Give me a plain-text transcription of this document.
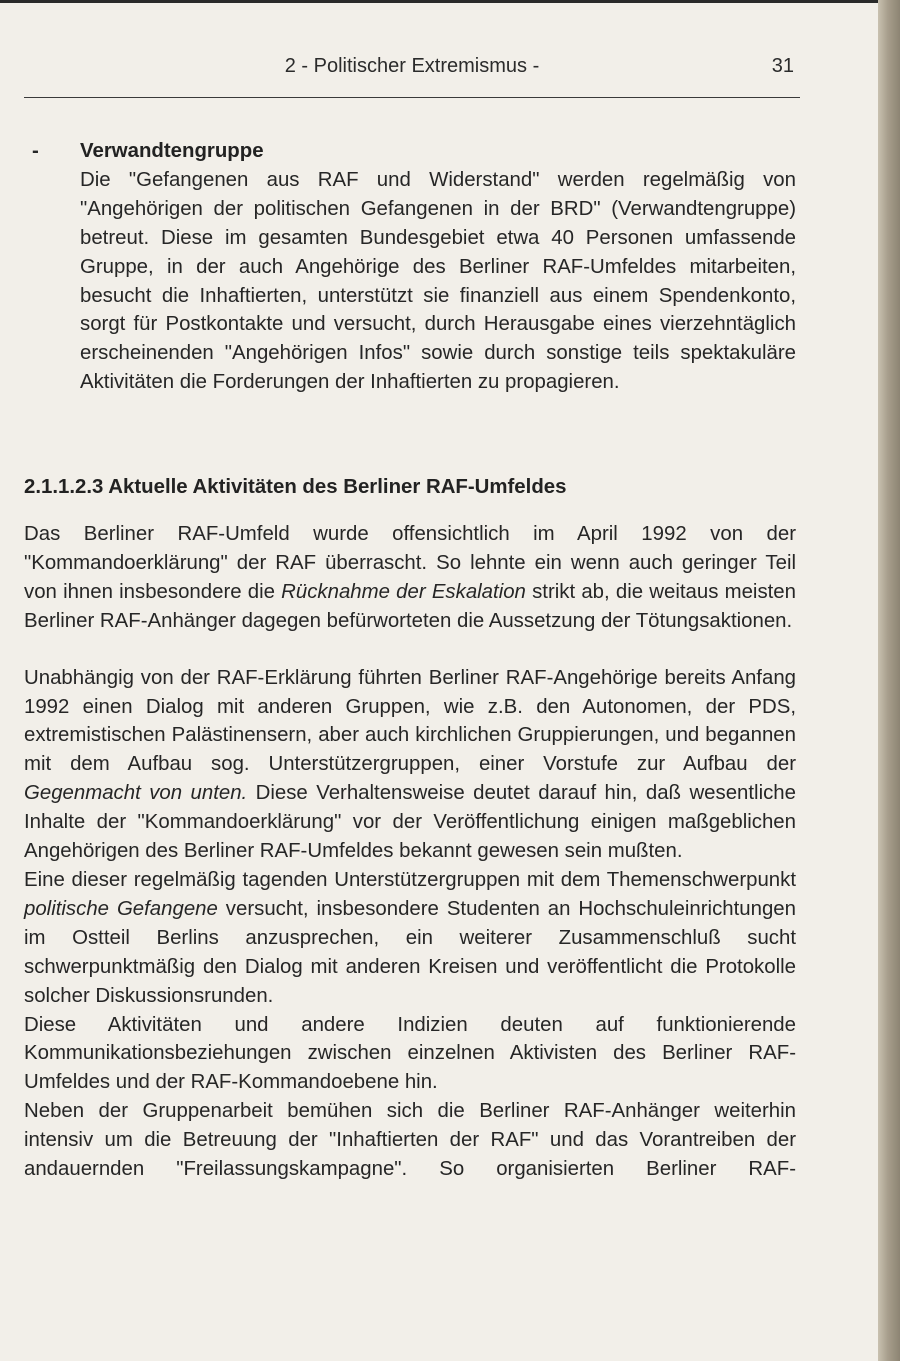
2 - Politischer Extremismus -	31
- Verwandtengruppe

Die "Gefangenen aus RAF und Widerstand" werden regelmäßig von "Angehörigen der politischen Gefangenen in der BRD" (Verwandtengruppe) betreut. Diese im gesamten Bundesgebiet etwa 40 Personen umfassende Gruppe, in der auch Angehörige des Berliner RAF-Umfeldes mitarbeiten, besucht die Inhaftierten, unterstützt sie finanziell aus einem Spendenkonto, sorgt für Postkontakte und versucht, durch Herausgabe eines vierzehntäglich erscheinenden "Angehörigen Infos" sowie durch sonstige teils spektakuläre Aktivitäten die Forderungen der Inhaftierten zu propagieren.

2.1.1.2.3 Aktuelle Aktivitäten des Berliner RAF-Umfeldes

Das Berliner RAF-Umfeld wurde offensichtlich im April 1992 von der "Kommandoerklärung" der RAF überrascht. So lehnte ein wenn auch geringer Teil von ihnen insbesondere die Rücknahme der Eskalation strikt ab, die weitaus meisten Berliner RAF-Anhänger dagegen befürworteten die Aussetzung der Tötungsaktionen.

Unabhängig von der RAF-Erklärung führten Berliner RAF-Angehörige bereits Anfang 1992 einen Dialog mit anderen Gruppen, wie z.B. den Autonomen, der PDS, extremistischen Palästinensern, aber auch kirchlichen Gruppierungen, und begannen mit dem Aufbau sog. Unterstützergruppen, einer Vorstufe zur Aufbau der Gegenmacht von unten. Diese Verhaltensweise deutet darauf hin, daß wesentliche Inhalte der "Kommandoerklärung" vor der Veröffentlichung einigen maßgeblichen Angehörigen des Berliner RAF-Umfeldes bekannt gewesen sein mußten.

Eine dieser regelmäßig tagenden Unterstützergruppen mit dem Themenschwerpunkt politische Gefangene versucht, insbesondere Studenten an Hochschuleinrichtungen im Ostteil Berlins anzusprechen, ein weiterer Zusammenschluß sucht schwerpunktmäßig den Dialog mit anderen Kreisen und veröffentlicht die Protokolle solcher Diskussionsrunden.

Diese Aktivitäten und andere Indizien deuten auf funktionierende Kommunikationsbeziehungen zwischen einzelnen Aktivisten des Berliner RAF-Umfeldes und der RAF-Kommandoebene hin.

Neben der Gruppenarbeit bemühen sich die Berliner RAF-Anhänger weiterhin intensiv um die Betreuung der "Inhaftierten der RAF" und das Vorantreiben der andauernden "Freilassungskampagne". So organisierten Berliner RAF-
